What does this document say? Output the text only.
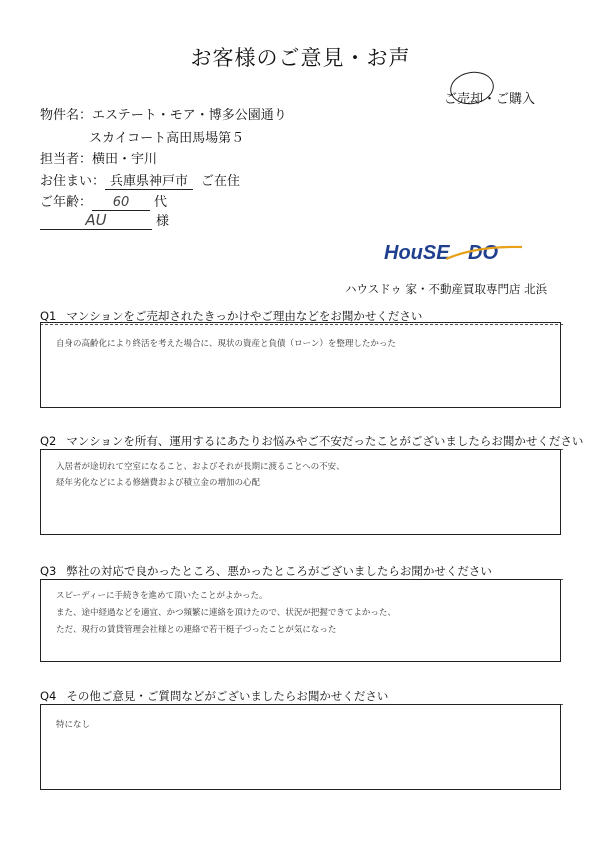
お客様のご意見・お声
ご売却・ご購入
物件名：エステート・モア・博多公園通り
スカイコート高田馬場第５
担当者：横田・宇川
お住まい： 兵庫県神戸市 ご在住
ご年齢： 60 代
AU	様
HouSE DO
ハウスドゥ 家・不動産買取専門店 北浜
Q1 マンションをご売却されたきっかけやご理由などをお聞かせください
自身の高齢化により終活を考えた場合に、現状の資産と負債（ローン）を整理したかった
Q2 マンションを所有、運用するにあたりお悩みやご不安だったことがございましたらお聞かせください
入居者が途切れて空室になること、およびそれが長期に渡ることへの不安、
経年劣化などによる修繕費および積立金の増加の心配
Q3 弊社の対応で良かったところ、悪かったところがございましたらお聞かせください
スピーディーに手続きを進めて頂いたことがよかった。
また、途中経過などを適宜、かつ頻繁に連絡を頂けたので、状況が把握できてよかった、
ただ、現行の賃貸管理会社様との連絡で若干梃子づったことが気になった
Q4 その他ご意見・ご質問などがございましたらお聞かせください
特になし
